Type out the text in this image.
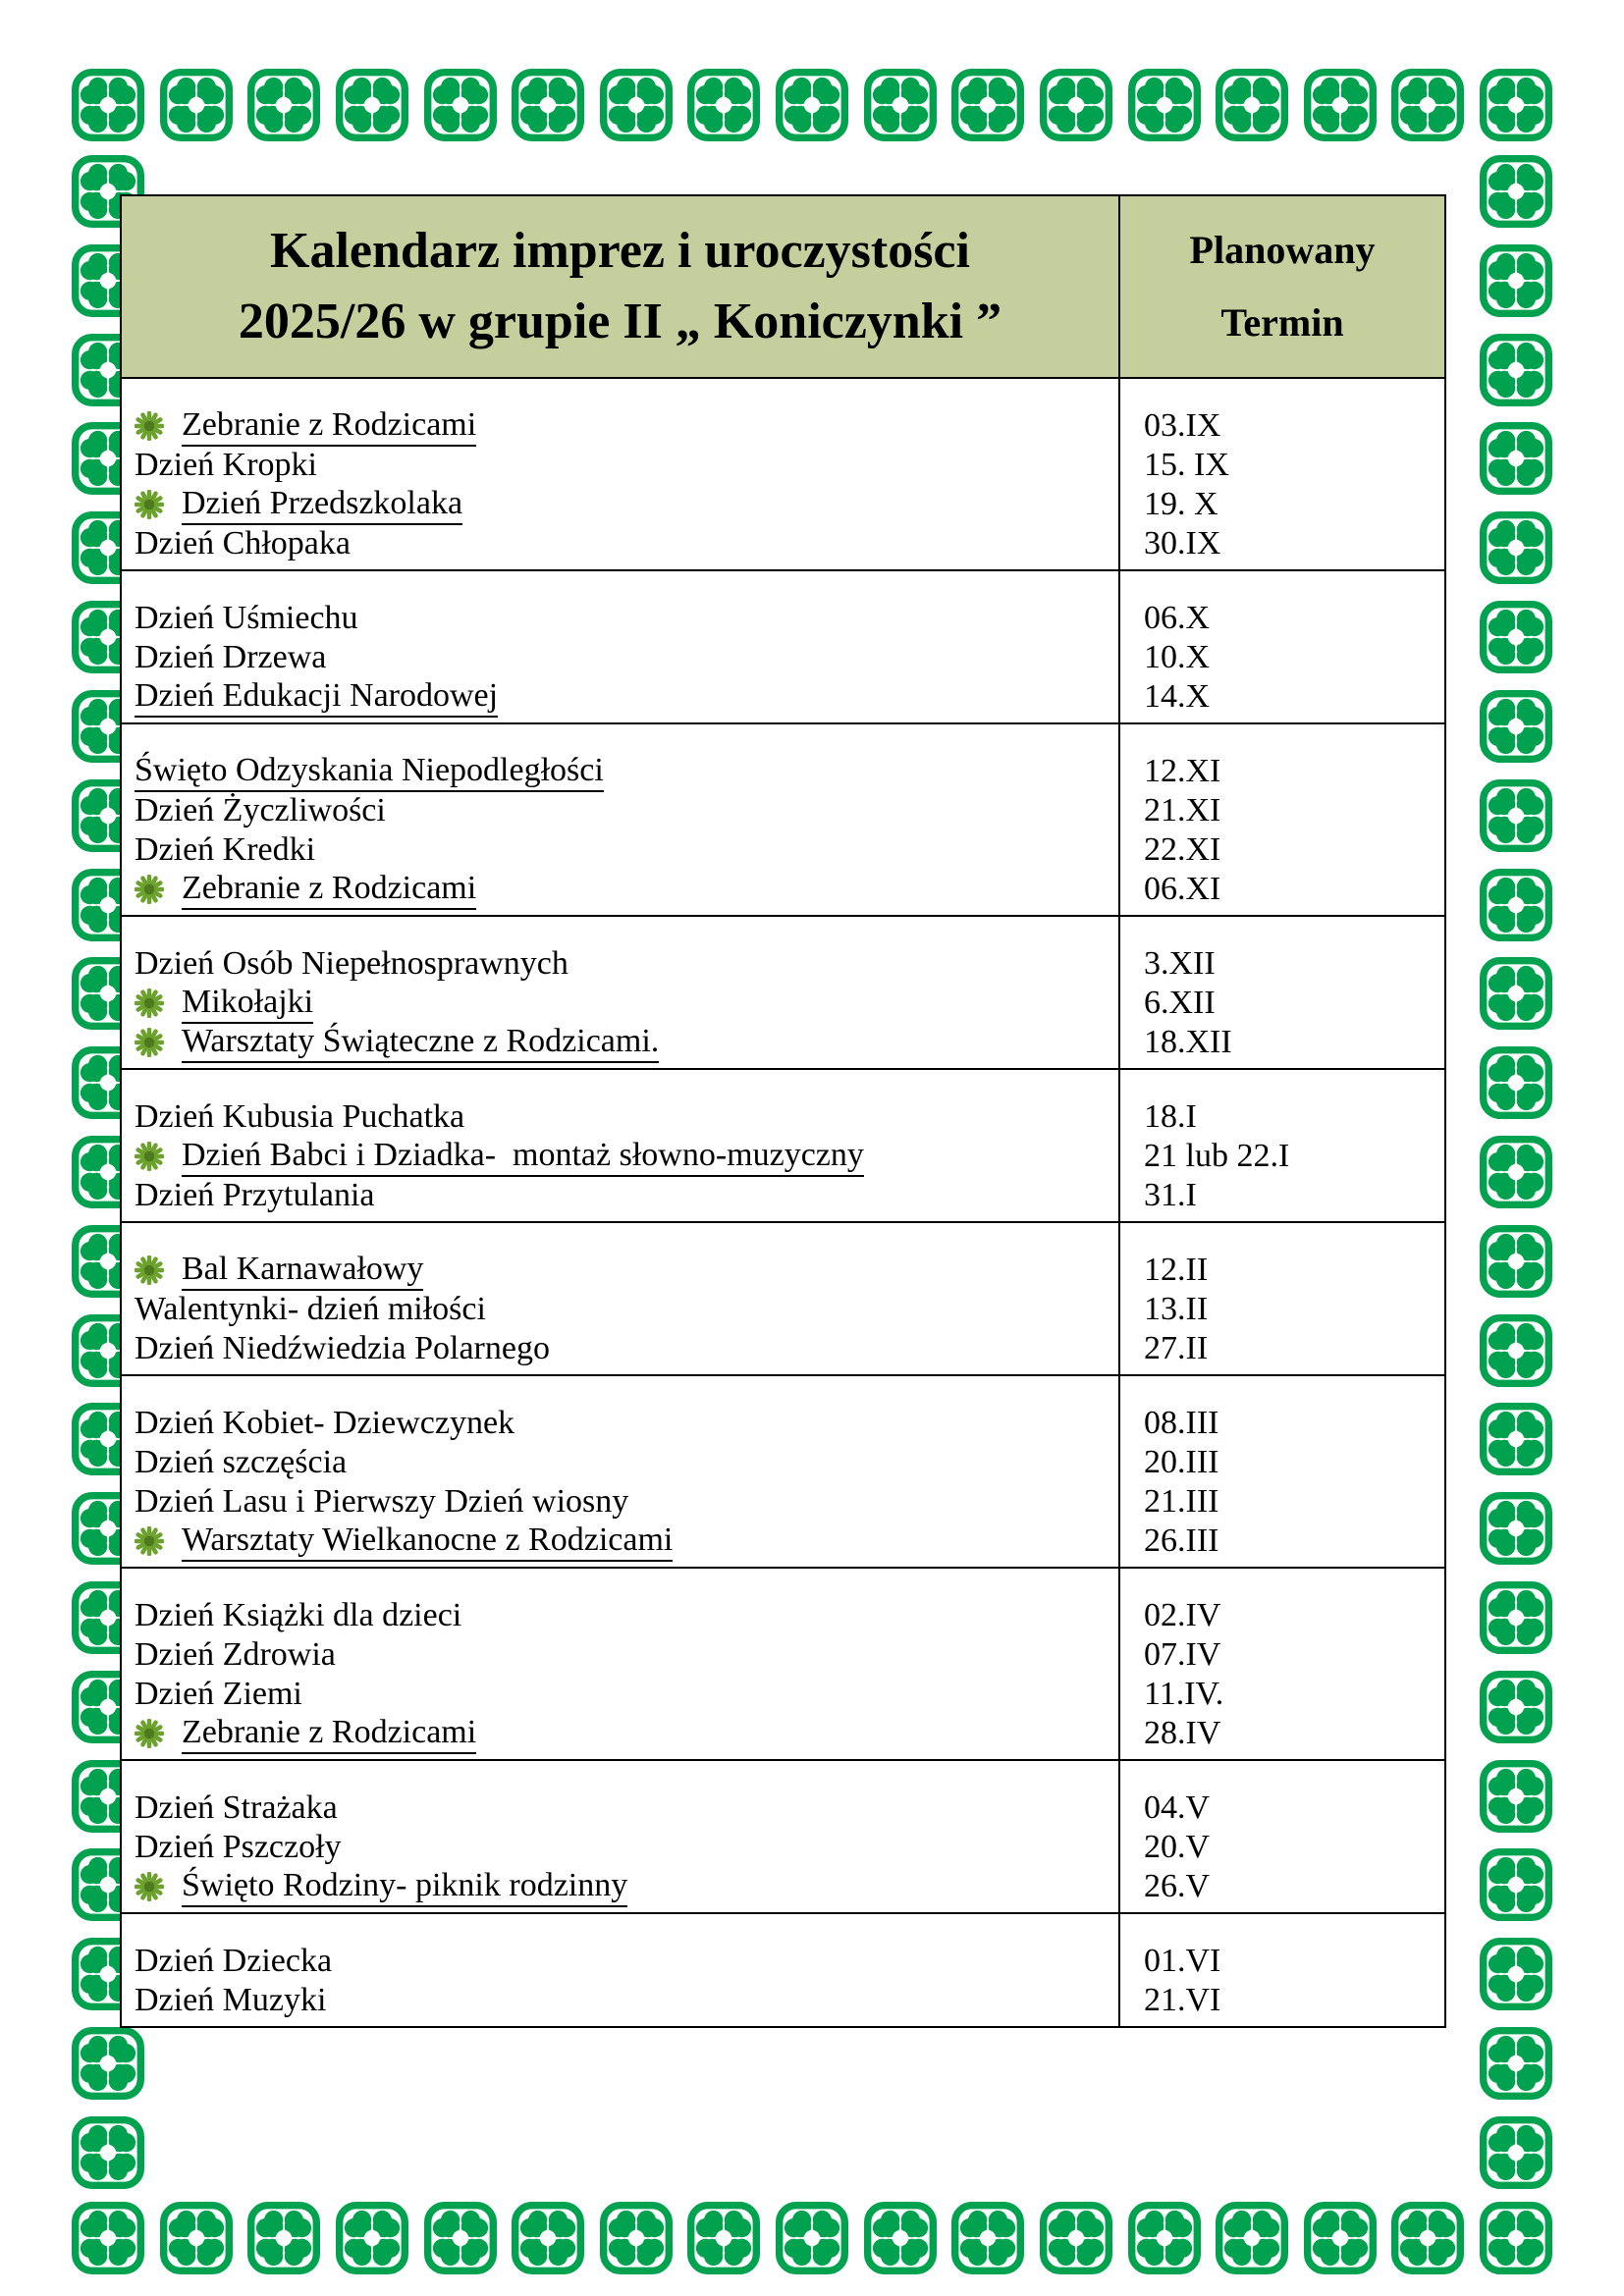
Kalendarz imprez i uroczystości
2025/26 w grupie II „ Koniczynki ”
Planowany
Termin
Zebranie z Rodzicami
Dzień Kropki
Dzień Przedszkolaka
Dzień Chłopaka
03.IX
15. IX
19. X
30.IX
Dzień Uśmiechu
Dzień Drzewa
Dzień Edukacji Narodowej
06.X
10.X
14.X
Święto Odzyskania Niepodległości
Dzień Życzliwości
Dzień Kredki
Zebranie z Rodzicami
12.XI
21.XI
22.XI
06.XI
Dzień Osób Niepełnosprawnych
Mikołajki
Warsztaty Świąteczne z Rodzicami.
3.XII
6.XII
18.XII
Dzień Kubusia Puchatka
Dzień Babci i Dziadka-  montaż słowno-muzyczny
Dzień Przytulania
18.I
21 lub 22.I
31.I
Bal Karnawałowy
Walentynki- dzień miłości
Dzień Niedźwiedzia Polarnego
12.II
13.II
27.II
Dzień Kobiet- Dziewczynek
Dzień szczęścia
Dzień Lasu i Pierwszy Dzień wiosny
Warsztaty Wielkanocne z Rodzicami
08.III
20.III
21.III
26.III
Dzień Książki dla dzieci
Dzień Zdrowia
Dzień Ziemi
Zebranie z Rodzicami
02.IV
07.IV
11.IV.
28.IV
Dzień Strażaka
Dzień Pszczoły
Święto Rodziny- piknik rodzinny
04.V
20.V
26.V
Dzień Dziecka
Dzień Muzyki
01.VI
21.VI
